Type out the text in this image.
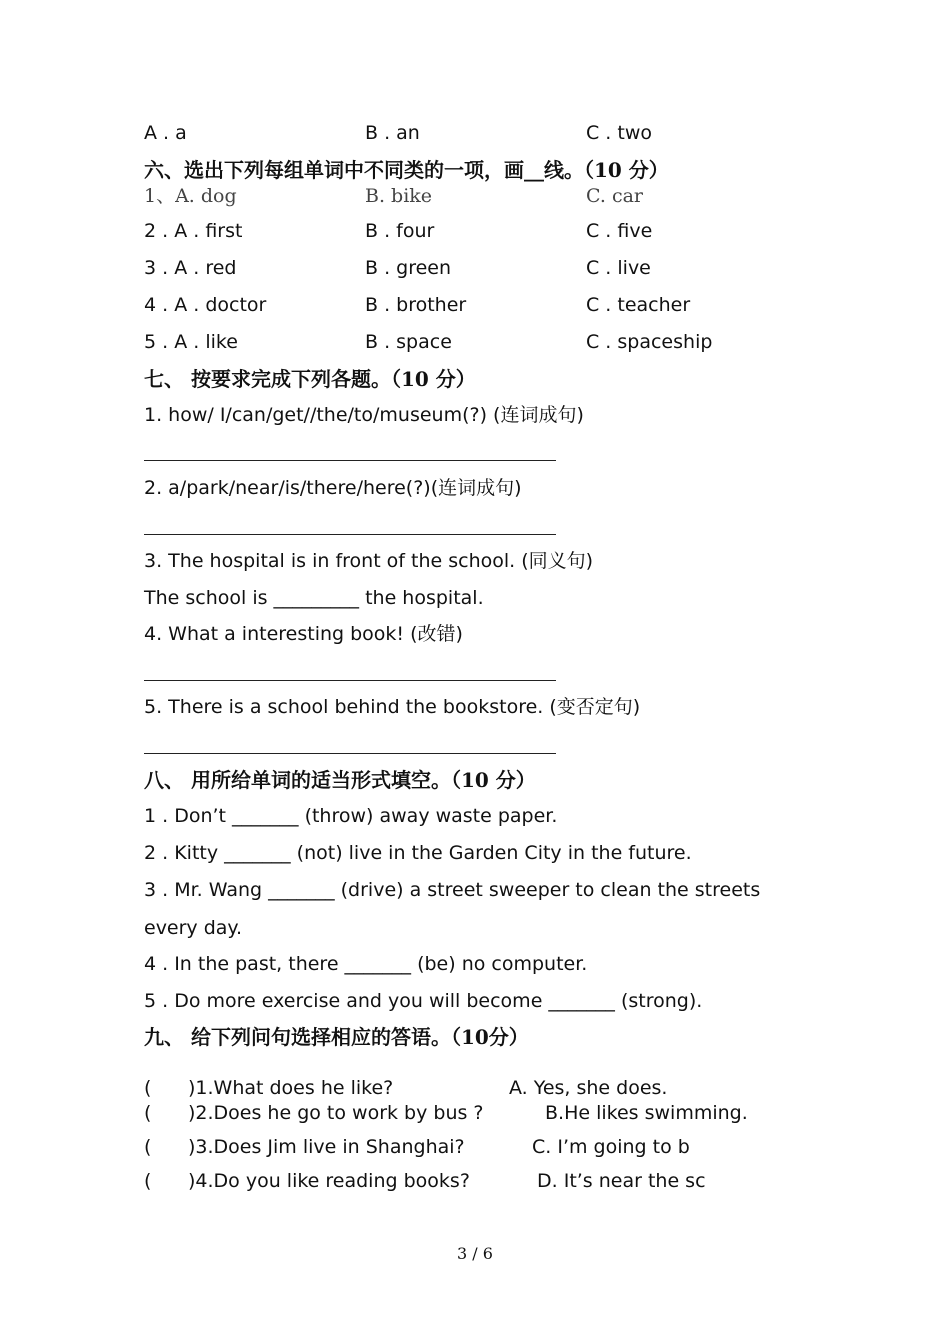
A . a	B . an	C . two
六、选出下列每组单词中不同类的一项，画__线。（10 分）
1、A. dog	B. bike	C. car
2 . A . first	B . four	C . five
3 . A . red	B . green	C . live
4 . A . doctor	B . brother	C . teacher
5 . A . like	B . space	C . spaceship
七、 按要求完成下列各题。（10 分）
1. how/ I/can/get//the/to/museum(?) (连词成句)
2. a/park/near/is/there/here(?)(连词成句)
3. The hospital is in front of the school. (同义句)
The school is _________ the hospital.
4. What a interesting book! (改错)
5. There is a school behind the bookstore. (变否定句)
八、 用所给单词的适当形式填空。（10 分）
1 . Don’t _______ (throw) away waste paper.
2 . Kitty _______ (not) live in the Garden City in the future.
3 . Mr. Wang _______ (drive) a street sweeper to clean the streets
every day.
4 . In the past, there _______ (be) no computer.
5 . Do more exercise and you will become _______ (strong).
九、 给下列问句选择相应的答语。（10分）
( )1.What does he like?	A. Yes, she does.
( )2.Does he go to work by bus ?	B.He likes swimming.
( )3.Does Jim live in Shanghai?	C. I’m going to b
( )4.Do you like reading books?	D. It’s near the sc
3 / 6
